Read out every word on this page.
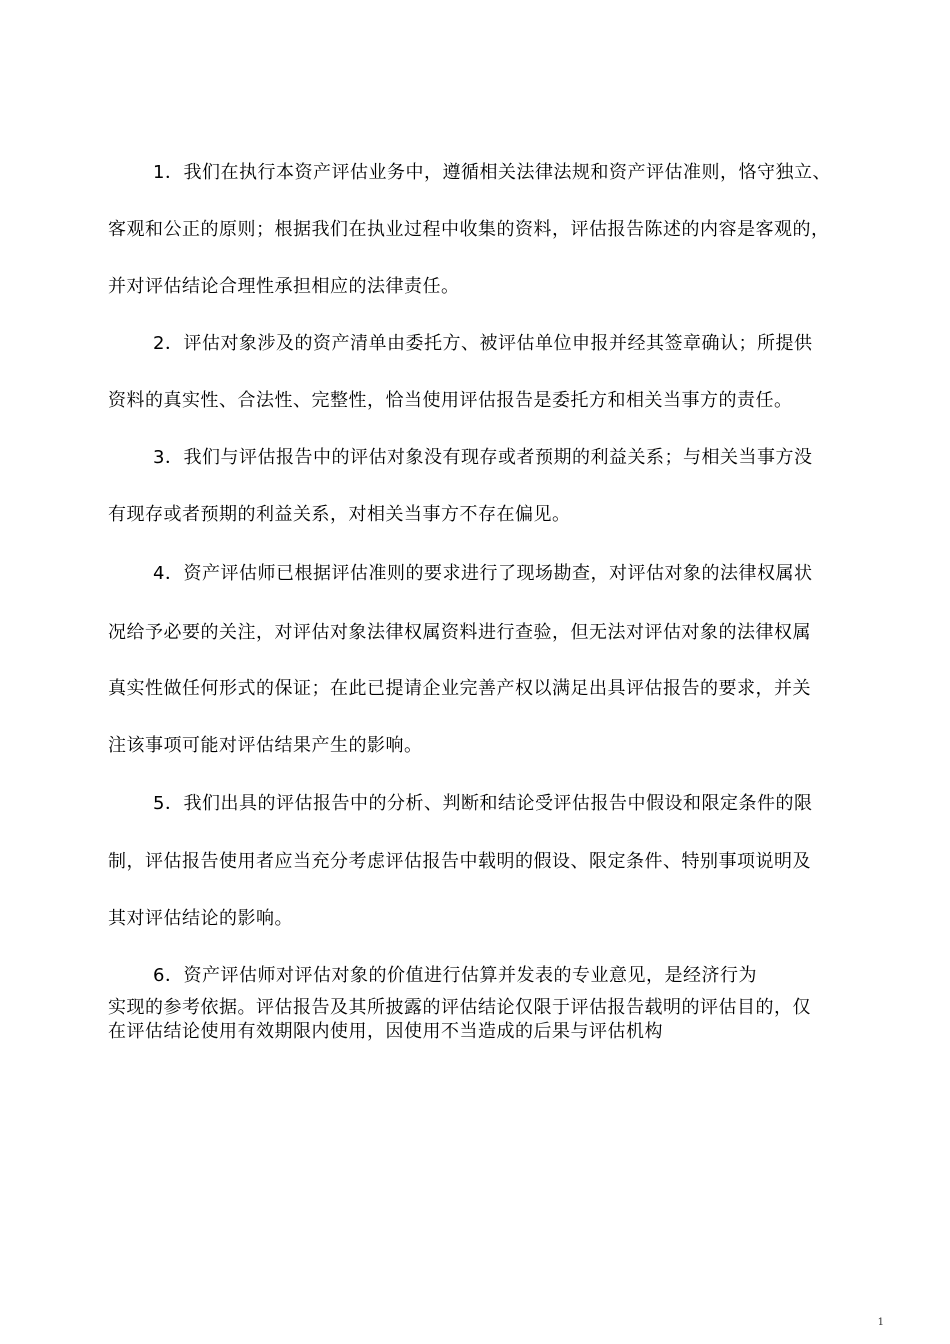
1．我们在执行本资产评估业务中，遵循相关法律法规和资产评估准则，恪守独立、
客观和公正的原则；根据我们在执业过程中收集的资料，评估报告陈述的内容是客观的，
并对评估结论合理性承担相应的法律责任。
2．评估对象涉及的资产清单由委托方、被评估单位申报并经其签章确认；所提供
资料的真实性、合法性、完整性，恰当使用评估报告是委托方和相关当事方的责任。
3．我们与评估报告中的评估对象没有现存或者预期的利益关系；与相关当事方没
有现存或者预期的利益关系，对相关当事方不存在偏见。
4．资产评估师已根据评估准则的要求进行了现场勘查，对评估对象的法律权属状
况给予必要的关注，对评估对象法律权属资料进行查验，但无法对评估对象的法律权属
真实性做任何形式的保证；在此已提请企业完善产权以满足出具评估报告的要求，并关
注该事项可能对评估结果产生的影响。
5．我们出具的评估报告中的分析、判断和结论受评估报告中假设和限定条件的限
制，评估报告使用者应当充分考虑评估报告中载明的假设、限定条件、特别事项说明及
其对评估结论的影响。
6．资产评估师对评估对象的价值进行估算并发表的专业意见，是经济行为
实现的参考依据。评估报告及其所披露的评估结论仅限于评估报告载明的评估目的，仅
在评估结论使用有效期限内使用，因使用不当造成的后果与评估机构
1
